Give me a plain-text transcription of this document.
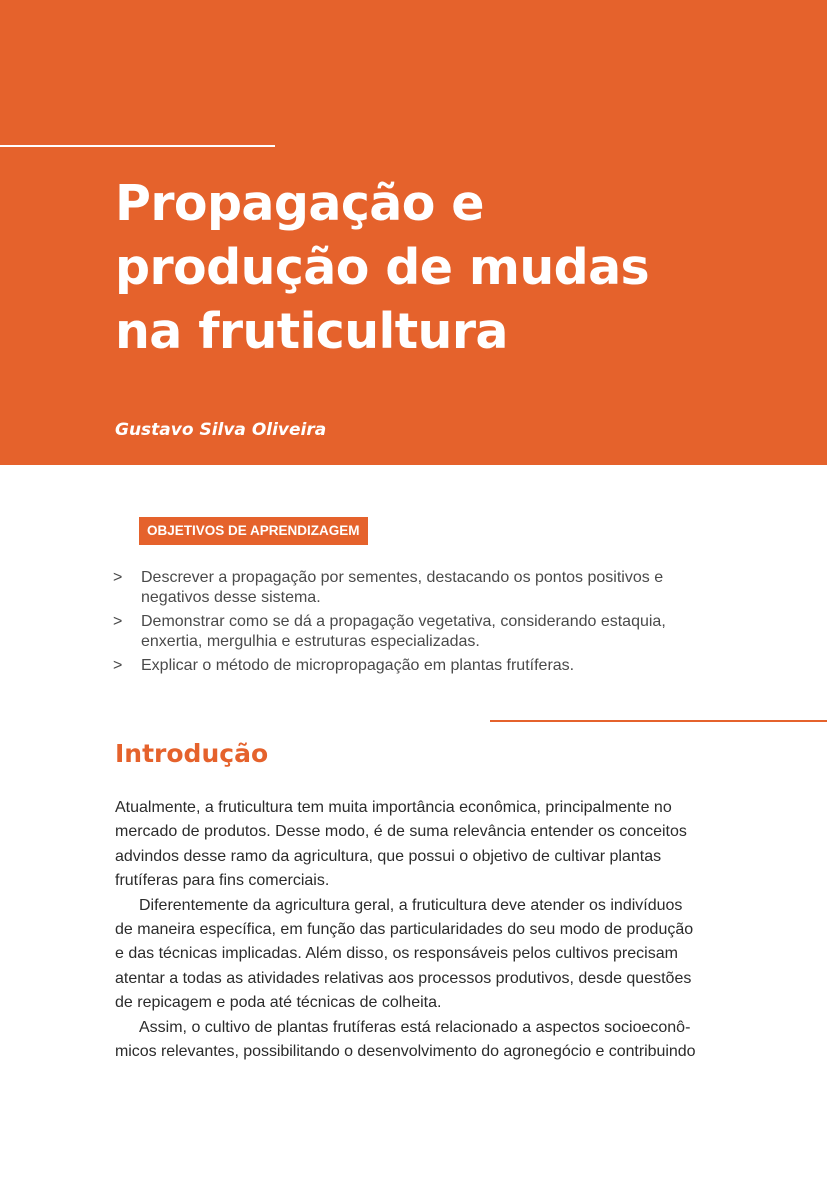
Propagação e
produção de mudas
na fruticultura
Gustavo Silva Oliveira
OBJETIVOS DE APRENDIZAGEM
> Descrever a propagação por sementes, destacando os pontos positivos e
negativos desse sistema.
> Demonstrar como se dá a propagação vegetativa, considerando estaquia,
enxertia, mergulhia e estruturas especializadas.
> Explicar o método de micropropagação em plantas frutíferas.
Introdução
Atualmente, a fruticultura tem muita importância econômica, principalmente no
mercado de produtos. Desse modo, é de suma relevância entender os conceitos
advindos desse ramo da agricultura, que possui o objetivo de cultivar plantas
frutíferas para fins comerciais.
Diferentemente da agricultura geral, a fruticultura deve atender os indivíduos
de maneira específica, em função das particularidades do seu modo de produção
e das técnicas implicadas. Além disso, os responsáveis pelos cultivos precisam
atentar a todas as atividades relativas aos processos produtivos, desde questões
de repicagem e poda até técnicas de colheita.
Assim, o cultivo de plantas frutíferas está relacionado a aspectos socioeconô-
micos relevantes, possibilitando o desenvolvimento do agronegócio e contribuindo
